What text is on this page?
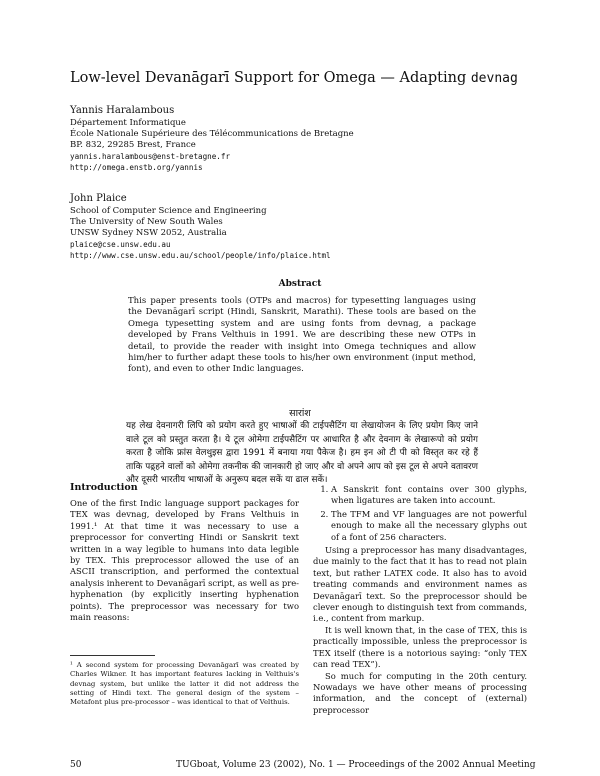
Low-level Devanāgarī Support for Omega — Adapting devnag
Yannis Haralambous
Département Informatique
École Nationale Supérieure des Télécommunications de Bretagne
BP. 832, 29285 Brest, France
yannis.haralambous@enst-bretagne.fr
http://omega.enstb.org/yannis
John Plaice
School of Computer Science and Engineering
The University of New South Wales
UNSW Sydney NSW 2052, Australia
plaice@cse.unsw.edu.au
http://www.cse.unsw.edu.au/school/people/info/plaice.html
Abstract
This paper presents tools (OTPs and macros) for typesetting languages using the Devanāgarī script (Hindi, Sanskrit, Marathi). These tools are based on the Omega typesetting system and are using fonts from devnag, a package developed by Frans Velthuis in 1991. We are describing these new OTPs in detail, to provide the reader with insight into Omega techniques and allow him/her to further adapt these tools to his/her own environment (input method, font), and even to other Indic languages.
सारांश
यह लेख देवनागरी लिपि को प्रयोग करते हुए भाषाओं की टाईपसैटिंग या लेखायोजन के लिए प्रयोग किए जाने वाले टूल को प्रस्तुत करता है। ये टूल ओमेगा टाईपसैटिंग पर आधारित है और देवनाग के लेखारूपो को प्रयोग करता है जोकि फ्रांस वेलथुइस द्वारा 1991 में बनाया गया पैकेज है। हम इन ओ टी पी को विस्तृत कर रहे हैं ताकि पढ़्हने वालों को ओमेगा तकनीक की जानकारी हो जाए और वो अपने आप को इस टूल से अपने वतावरण और दूसरी भारतीय भाषाओं के अनुरूप बदल सकें या ढाल सकें।
Introduction

One of the first Indic language support packages for TEX was devnag, developed by Frans Velthuis in 1991.¹ At that time it was necessary to use a preprocessor for converting Hindi or Sanskrit text written in a way legible to humans into data legible by TEX. This preprocessor allowed the use of an ASCII transcription, and performed the contextual analysis inherent to Devanāgarī script, as well as pre-hyphenation (by explicitly inserting hyphenation points). The preprocessor was necessary for two main reasons:

¹ A second system for processing Devanāgarī was created by Charles Wikner. It has important features lacking in Velthuis's devnag system, but unlike the latter it did not address the setting of Hindi text. The general design of the system – Metafont plus pre-processor – was identical to that of Velthuis.
1. A Sanskrit font contains over 300 glyphs, when ligatures are taken into account.
2. The TFM and VF languages are not powerful enough to make all the necessary glyphs out of a font of 256 characters.

Using a preprocessor has many disadvantages, due mainly to the fact that it has to read not plain text, but rather LATEX code. It also has to avoid treating commands and environment names as Devanāgarī text. So the preprocessor should be clever enough to distinguish text from commands, i.e., content from markup.

It is well known that, in the case of TEX, this is practically impossible, unless the preprocessor is TEX itself (there is a notorious saying: “only TEX can read TEX”).

So much for computing in the 20th century. Nowadays we have other means of processing information, and the concept of (external) preprocessor

50	TUGboat, Volume 23 (2002), No. 1 — Proceedings of the 2002 Annual Meeting
